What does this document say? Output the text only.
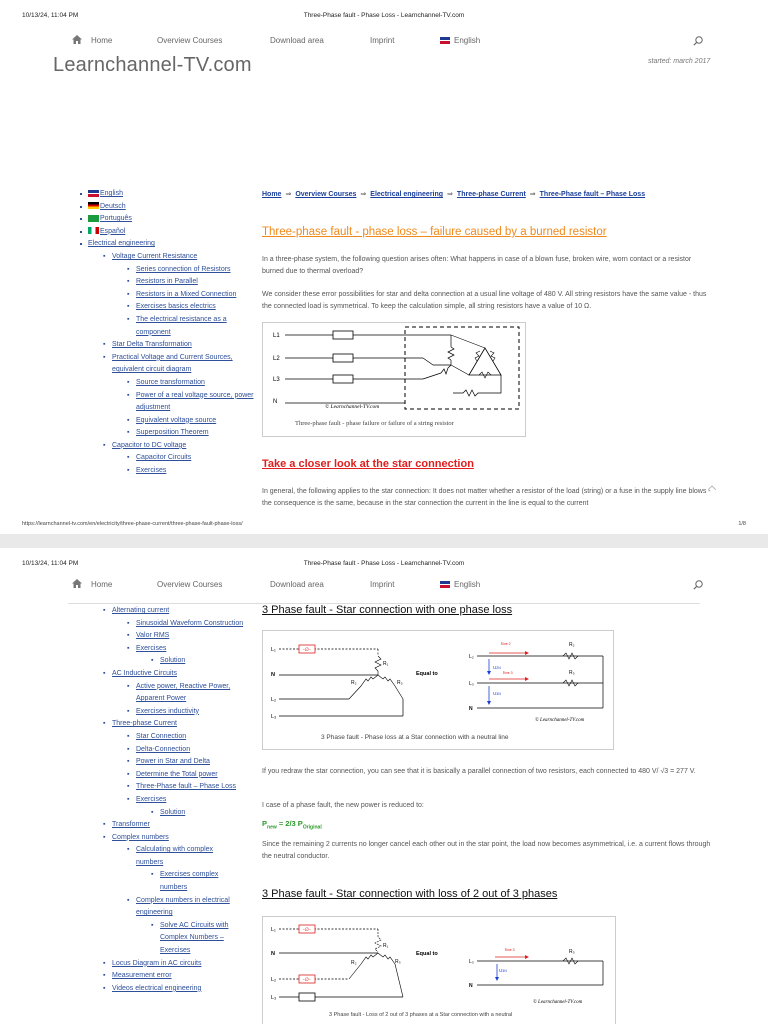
10/13/24, 11:04 PM	Three-Phase fault - Phase Loss - Learnchannel-TV.com
Home	Overview Courses	Download area	Imprint	English
Learnchannel-TV.com	started: march 2017
English
Deutsch
Português
Español
Electrical engineering
▪ Voltage Current Resistance
▪ Series connection of Resistors
▪ Resistors in Parallel
▪ Resistors in a Mixed Connection
▪ Exercises basics electrics
▪ The electrical resistance as a component
▪ Star Delta Transformation
▪ Practical Voltage and Current Sources, equivalent circuit diagram
▪ Source transformation
▪ Power of a real voltage source, power adjustment
▪ Equivalent voltage source
▪ Superposition Theorem
▪ Capacitor to DC voltage
▪ Capacitor Circuits
▪ Exercises
Home ⇒ Overview Courses ⇒ Electrical engineering ⇒ Three-phase Current ⇒ Three-Phase fault – Phase Loss
Three-phase fault - phase loss – failure caused by a burned resistor
In a three-phase system, the following question arises often: What happens in case of a blown fuse, broken wire, worn contact or a resistor burned due to thermal overload?
We consider these error possibilities for star and delta connection at a usual line voltage of 480 V. All string resistors have the same value - thus the connected load is symmetrical. To keep the calculation simple, all string resistors have a value of 10 Ω.
L1
L2
L3
N
© Learnchannel-TV.com
Three-phase fault - phase failure or failure of a string resistor
Take a closer look at the star connection
In general, the following applies to the star connection: It does not matter whether a resistor of the load (string) or a fuse in the supply line blows - the consequence is the same, because in the star connection the current in the line is equal to the current
https://learnchannel-tv.com/en/electricity/three-phase-current/three-phase-fault-phase-loss/	1/8
10/13/24, 11:04 PM	Three-Phase fault - Phase Loss - Learnchannel-TV.com
Home	Overview Courses	Download area	Imprint	English
▪ Alternating current
▪ Sinusoidal Waveform Construction
▪ Valor RMS
▪ Exercises
▪ Solution
▪ AC Inductive Circuits
▪ Active power, Reactive Power, Apparent Power
▪ Exercises inductivity
▪ Three-phase Current
▪ Star Connection
▪ Delta-Connection
▪ Power in Star and Delta
▪ Determine the Total power
▪ Three-Phase fault – Phase Loss
▪ Exercises
▪ Solution
▪ Transformer
▪ Complex numbers
▪ Calculating with complex numbers
▪ Exercises complex numbers
▪ Complex numbers in electrical engineering
▪ Solve AC Circuits with Complex Numbers – Exercises
▪ Locus Diagram in AC circuits
▪ Measurement error
▪ Videos electrical engineering
3 Phase fault - Star connection with one phase loss
L₁	-∅-
R₁
N
R₂	R₃
L₂
L₃
Equal to
L₂
Iline 2	R₂
U2N
L₃
Iline 3	R₃
U3N
N
© Learnchannel-TV.com
3 Phase fault - Phase loss at a Star connection with a neutral line
If you redraw the star connection, you can see that it is basically a parallel connection of two resistors, each connected to 480 V/ √3 = 277 V.
I case of a phase fault, the new power is reduced to:
$P_{new} = 2/3$ $P_{Original}$
Since the remaining 2 currents no longer cancel each other out in the star point, the load now becomes asymmetrical, i.e. a current flows through the neutral conductor.
3 Phase fault - Star connection with loss of 2 out of 3 phases
L₁	-∅-
R₁
N
R₂	R₃
L₂	-∅-
L₃
Equal to
L₃
Iline 3	R₃
U3N
N
© Learnchannel-TV.com
3 Phase fault - Loss of 2 out of 3 phases at a Star connection with a neutral
